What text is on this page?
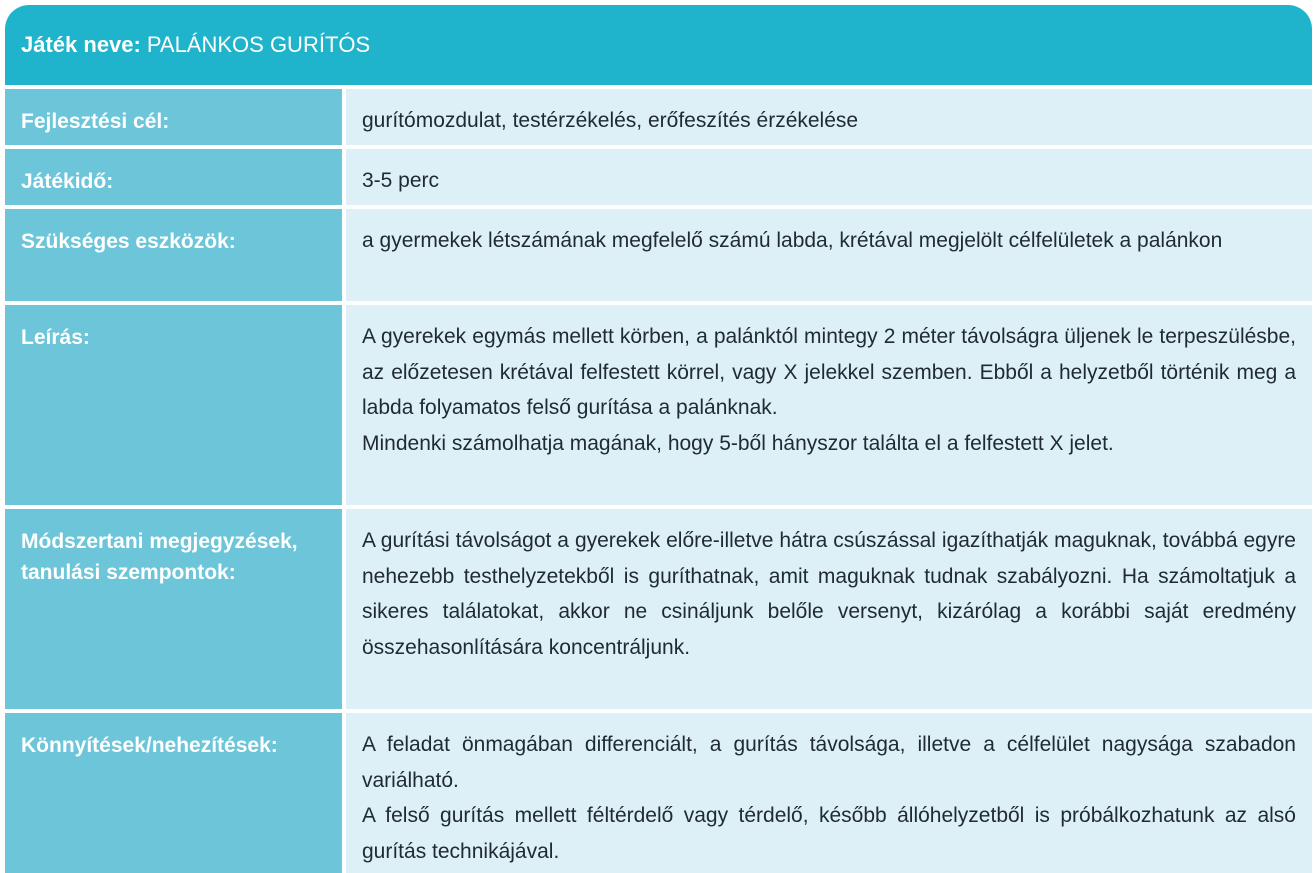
Játék neve: PALÁNKOS GURÍTÓS
Fejlesztési cél:	gurítómozdulat, testérzékelés, erőfeszítés érzékelése

Játékidő:	3-5 perc

Szükséges eszközök:	a gyermekek létszámának megfelelő számú labda, krétával megjelölt célfelületek a palánkon

Leírás:	A gyerekek egymás mellett körben, a palánktól mintegy 2 méter távolságra üljenek le terpeszülésbe, az előzetesen krétával felfestett körrel, vagy X jelekkel szemben. Ebből a helyzetből történik meg a labda folyamatos felső gurítása a palánknak.

Mindenki számolhatja magának, hogy 5-ből hányszor találta el a felfestett X jelet.

Módszertani megjegyzések, tanulási szempontok:

A gurítási távolságot a gyerekek előre-illetve hátra csúszással igazíthatják maguknak, továbbá egyre nehezebb testhelyzetekből is guríthatnak, amit maguknak tudnak szabályozni. Ha számoltatjuk a sikeres találatokat, akkor ne csináljunk belőle versenyt, kizárólag a korábbi saját eredmény összehasonlítására koncentráljunk.

Könnyítések/nehezítések:	A feladat önmagában differenciált, a gurítás távolsága, illetve a célfelület nagysága szabadon variálható.

A felső gurítás mellett féltérdelő vagy térdelő, később állóhelyzetből is próbálkozhatunk az alsó gurítás technikájával.
